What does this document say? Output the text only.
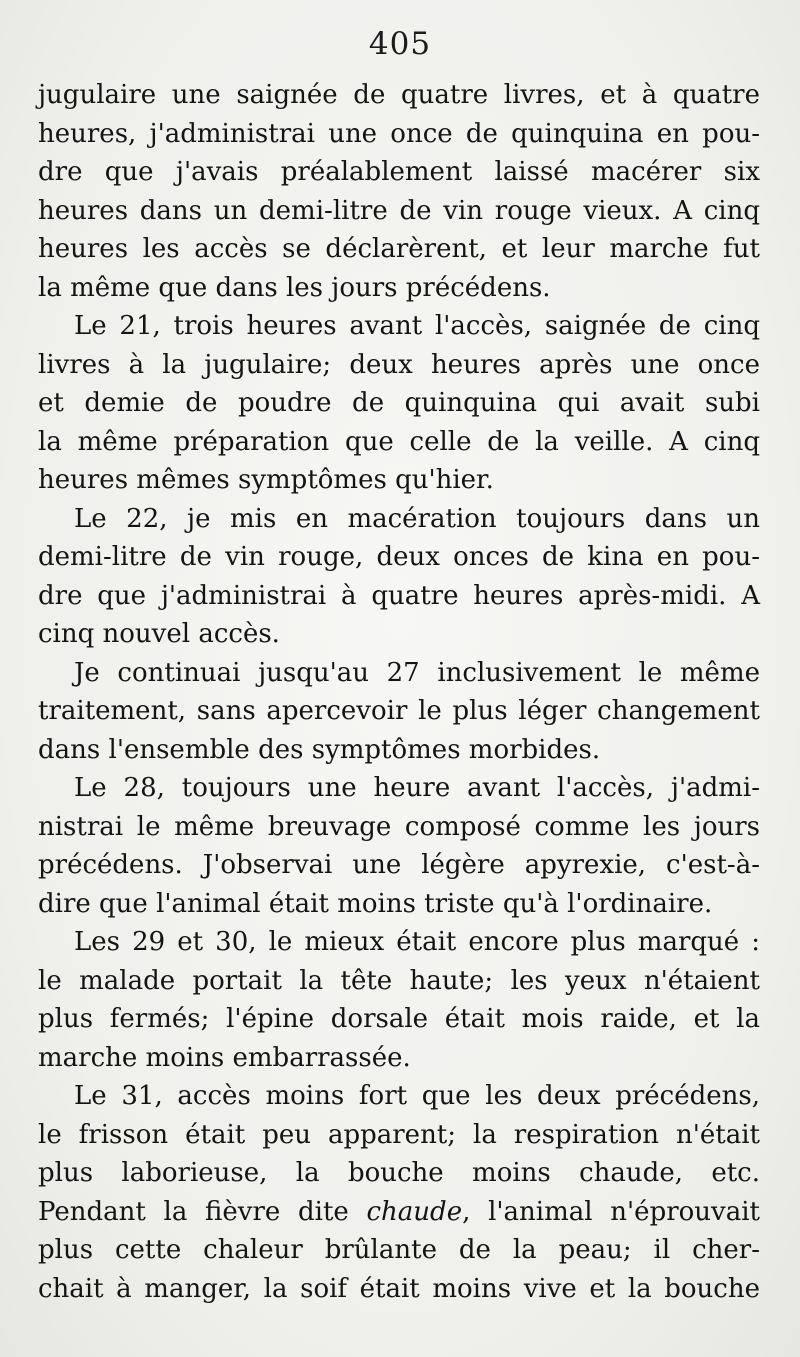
405
jugulaire une saignée de quatre livres, et à quatre
heures, j'administrai une once de quinquina en pou-
dre que j'avais préalablement laissé macérer six
heures dans un demi-litre de vin rouge vieux. A cinq
heures les accès se déclarèrent, et leur marche fut
la même que dans les jours précédens.
Le 21, trois heures avant l'accès, saignée de cinq
livres à la jugulaire; deux heures après une once
et demie de poudre de quinquina qui avait subi
la même préparation que celle de la veille. A cinq
heures mêmes symptômes qu'hier.
Le 22, je mis en macération toujours dans un
demi-litre de vin rouge, deux onces de kina en pou-
dre que j'administrai à quatre heures après-midi. A
cinq nouvel accès.
Je continuai jusqu'au 27 inclusivement le même
traitement, sans apercevoir le plus léger changement
dans l'ensemble des symptômes morbides.
Le 28, toujours une heure avant l'accès, j'admi-
nistrai le même breuvage composé comme les jours
précédens. J'observai une légère apyrexie, c'est-à-
dire que l'animal était moins triste qu'à l'ordinaire.
Les 29 et 30, le mieux était encore plus marqué :
le malade portait la tête haute; les yeux n'étaient
plus fermés; l'épine dorsale était mois raide, et la
marche moins embarrassée.
Le 31, accès moins fort que les deux précédens,
le frisson était peu apparent; la respiration n'était
plus laborieuse, la bouche moins chaude, etc.
Pendant la fièvre dite chaude, l'animal n'éprouvait
plus cette chaleur brûlante de la peau; il cher-
chait à manger, la soif était moins vive et la bouche
